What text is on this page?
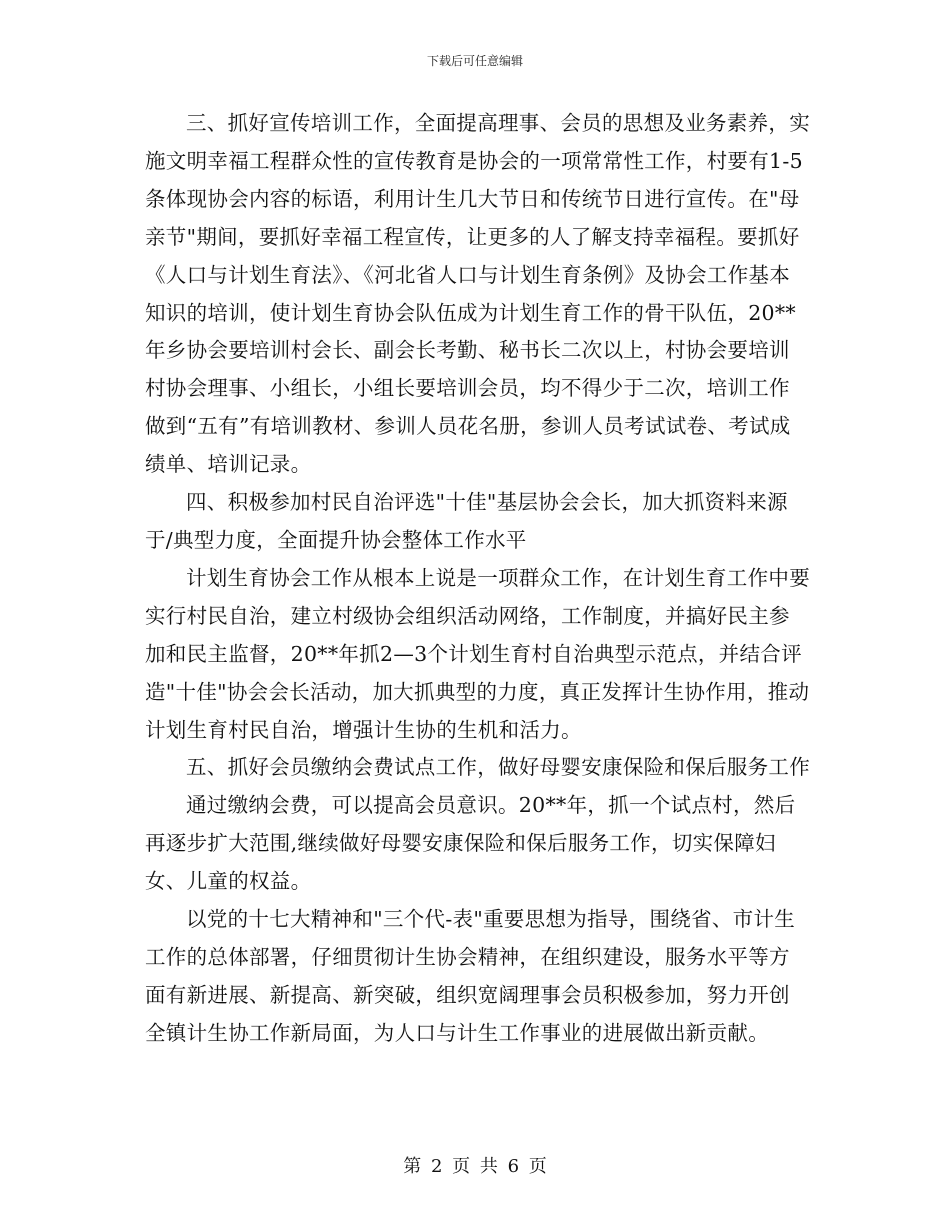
下载后可任意编辑

三、抓好宣传培训工作，全面提高理事、会员的思想及业务素养，实施文明幸福工程群众性的宣传教育是协会的一项常常性工作，村要有1-5条体现协会内容的标语，利用计生几大节日和传统节日进行宣传。在"母亲节"期间，要抓好幸福工程宣传，让更多的人了解支持幸福程。要抓好《人口与计划生育法》、《河北省人口与计划生育条例》及协会工作基本知识的培训，使计划生育协会队伍成为计划生育工作的骨干队伍，20**年乡协会要培训村会长、副会长考勤、秘书长二次以上，村协会要培训村协会理事、小组长，小组长要培训会员，均不得少于二次，培训工作做到“五有”有培训教材、参训人员花名册，参训人员考试试卷、考试成绩单、培训记录。

四、积极参加村民自治评选"十佳"基层协会会长，加大抓资料来源于/典型力度，全面提升协会整体工作水平

计划生育协会工作从根本上说是一项群众工作，在计划生育工作中要实行村民自治，建立村级协会组织活动网络，工作制度，并搞好民主参加和民主监督，20**年抓2—3个计划生育村自治典型示范点，并结合评造"十佳"协会会长活动，加大抓典型的力度，真正发挥计生协作用，推动计划生育村民自治，增强计生协的生机和活力。

五、抓好会员缴纳会费试点工作，做好母婴安康保险和保后服务工作

通过缴纳会费，可以提高会员意识。20**年，抓一个试点村，然后再逐步扩大范围,继续做好母婴安康保险和保后服务工作，切实保障妇女、儿童的权益。

以党的十七大精神和"三个代-表"重要思想为指导，围绕省、市计生工作的总体部署，仔细贯彻计生协会精神，在组织建设，服务水平等方面有新进展、新提高、新突破，组织宽阔理事会员积极参加，努力开创全镇计生协工作新局面，为人口与计生工作事业的进展做出新贡献。

第 2 页 共 6 页
